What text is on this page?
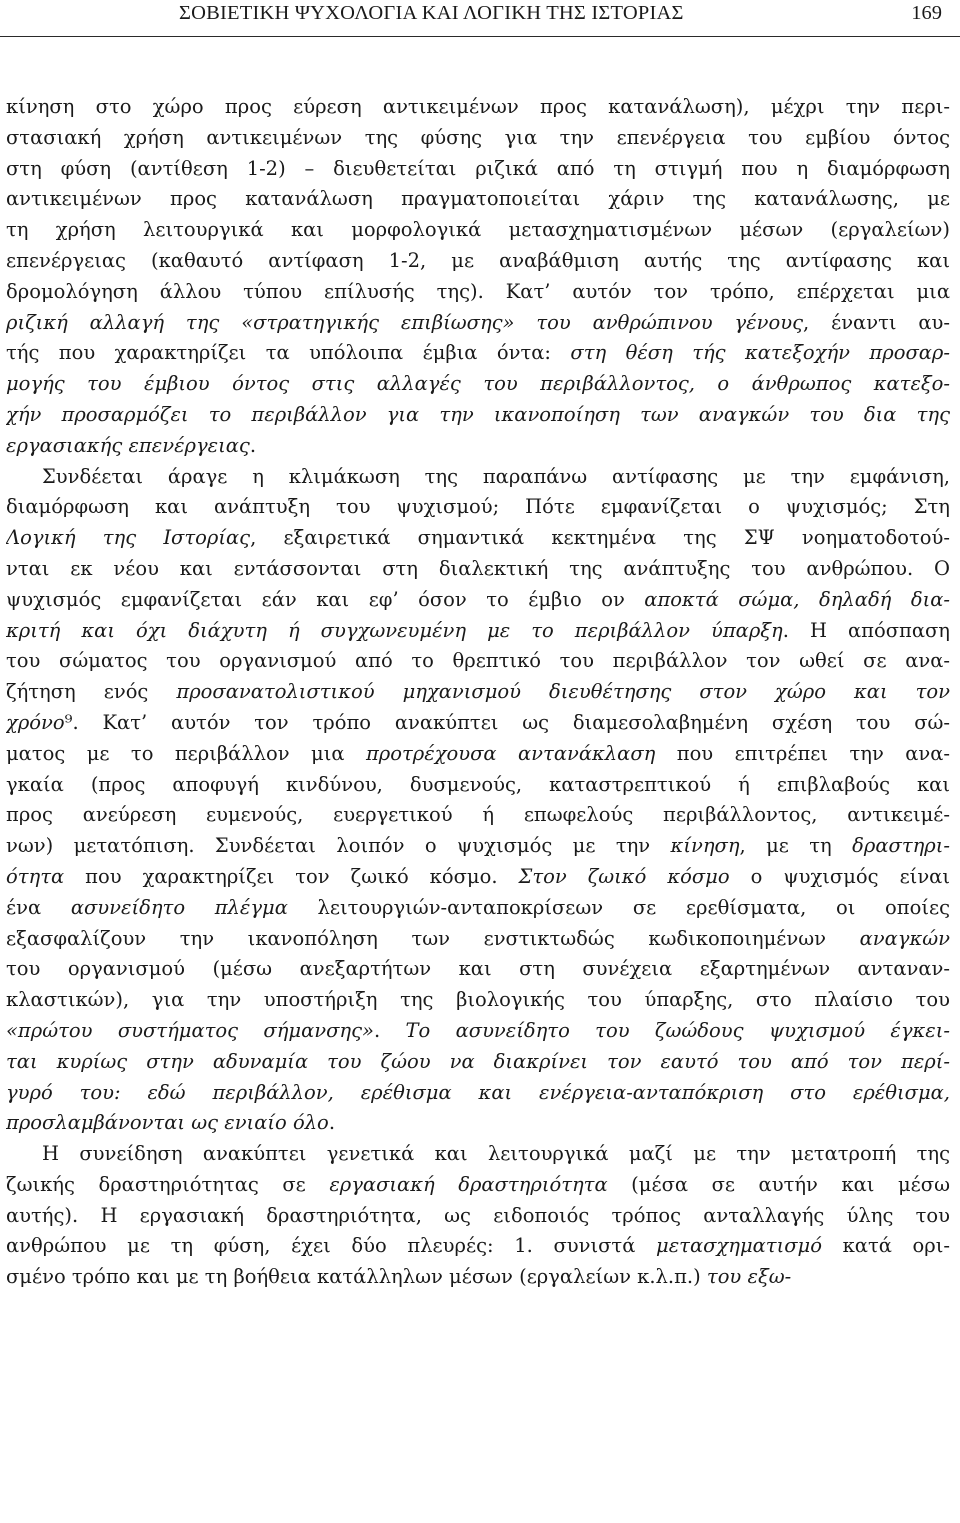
ΣΟΒΙΕΤΙΚΗ ΨΥΧΟΛΟΓΙΑ ΚΑΙ ΛΟΓΙΚΗ ΤΗΣ ΙΣΤΟΡΙΑΣ	169
κίνηση στο χώρο προς εύρεση αντικειμένων προς κατανάλωση), μέχρι την περι-
στασιακή χρήση αντικειμένων της φύσης για την επενέργεια του εμβίου όντος
στη φύση (αντίθεση 1-2) – διευθετείται ριζικά από τη στιγμή που η διαμόρφωση
αντικειμένων προς κατανάλωση πραγματοποιείται χάριν της κατανάλωσης, με
τη χρήση λειτουργικά και μορφολογικά μετασχηματισμένων μέσων (εργαλείων)
επενέργειας (καθαυτό αντίφαση 1-2, με αναβάθμιση αυτής της αντίφασης και
δρομολόγηση άλλου τύπου επίλυσής της). Κατ’ αυτόν τον τρόπο, επέρχεται μια
ριζική αλλαγή της «στρατηγικής επιβίωσης» του ανθρώπινου γένους, έναντι αυ-
τής που χαρακτηρίζει τα υπόλοιπα έμβια όντα: στη θέση τής κατεξοχήν προσαρ-
μογής του έμβιου όντος στις αλλαγές του περιβάλλοντος, ο άνθρωπος κατεξο-
χήν προσαρμόζει το περιβάλλον για την ικανοποίηση των αναγκών του δια της
εργασιακής επενέργειας.
Συνδέεται άραγε η κλιμάκωση της παραπάνω αντίφασης με την εμφάνιση,
διαμόρφωση και ανάπτυξη του ψυχισμού; Πότε εμφανίζεται ο ψυχισμός; Στη
Λογική της Ιστορίας, εξαιρετικά σημαντικά κεκτημένα της ΣΨ νοηματοδοτού-
νται εκ νέου και εντάσσονται στη διαλεκτική της ανάπτυξης του ανθρώπου. Ο
ψυχισμός εμφανίζεται εάν και εφ’ όσον το έμβιο ον αποκτά σώμα, δηλαδή δια-
κριτή και όχι διάχυτη ή συγχωνευμένη με το περιβάλλον ύπαρξη. Η απόσπαση
του σώματος του οργανισμού από το θρεπτικό του περιβάλλον τον ωθεί σε ανα-
ζήτηση ενός προσανατολιστικού μηχανισμού διευθέτησης στον χώρο και τον
χρόνο⁹. Κατ’ αυτόν τον τρόπο ανακύπτει ως διαμεσολαβημένη σχέση του σώ-
ματος με το περιβάλλον μια προτρέχουσα αντανάκλαση που επιτρέπει την ανα-
γκαία (προς αποφυγή κινδύνου, δυσμενούς, καταστρεπτικού ή επιβλαβούς και
προς ανεύρεση ευμενούς, ευεργετικού ή επωφελούς περιβάλλοντος, αντικειμέ-
νων) μετατόπιση. Συνδέεται λοιπόν ο ψυχισμός με την κίνηση, με τη δραστηρι-
ότητα που χαρακτηρίζει τον ζωικό κόσμο. Στον ζωικό κόσμο ο ψυχισμός είναι
ένα ασυνείδητο πλέγμα λειτουργιών-ανταποκρίσεων σε ερεθίσματα, οι οποίες
εξασφαλίζουν την ικανοπόληση των ενστικτωδώς κωδικοποιημένων αναγκών
του οργανισμού (μέσω ανεξαρτήτων και στη συνέχεια εξαρτημένων ανταναν-
κλαστικών), για την υποστήριξη της βιολογικής του ύπαρξης, στο πλαίσιο του
«πρώτου συστήματος σήμανσης». Το ασυνείδητο του ζωώδους ψυχισμού έγκει-
ται κυρίως στην αδυναμία του ζώου να διακρίνει τον εαυτό του από τον περί-
γυρό του: εδώ περιβάλλον, ερέθισμα και ενέργεια-ανταπόκριση στο ερέθισμα,
προσλαμβάνονται ως ενιαίο όλο.
Η συνείδηση ανακύπτει γενετικά και λειτουργικά μαζί με την μετατροπή της
ζωικής δραστηριότητας σε εργασιακή δραστηριότητα (μέσα σε αυτήν και μέσω
αυτής). Η εργασιακή δραστηριότητα, ως ειδοποιός τρόπος ανταλλαγής ύλης του
ανθρώπου με τη φύση, έχει δύο πλευρές: 1. συνιστά μετασχηματισμό κατά ορι-
σμένο τρόπο και με τη βοήθεια κατάλληλων μέσων (εργαλείων κ.λ.π.) του εξω-
